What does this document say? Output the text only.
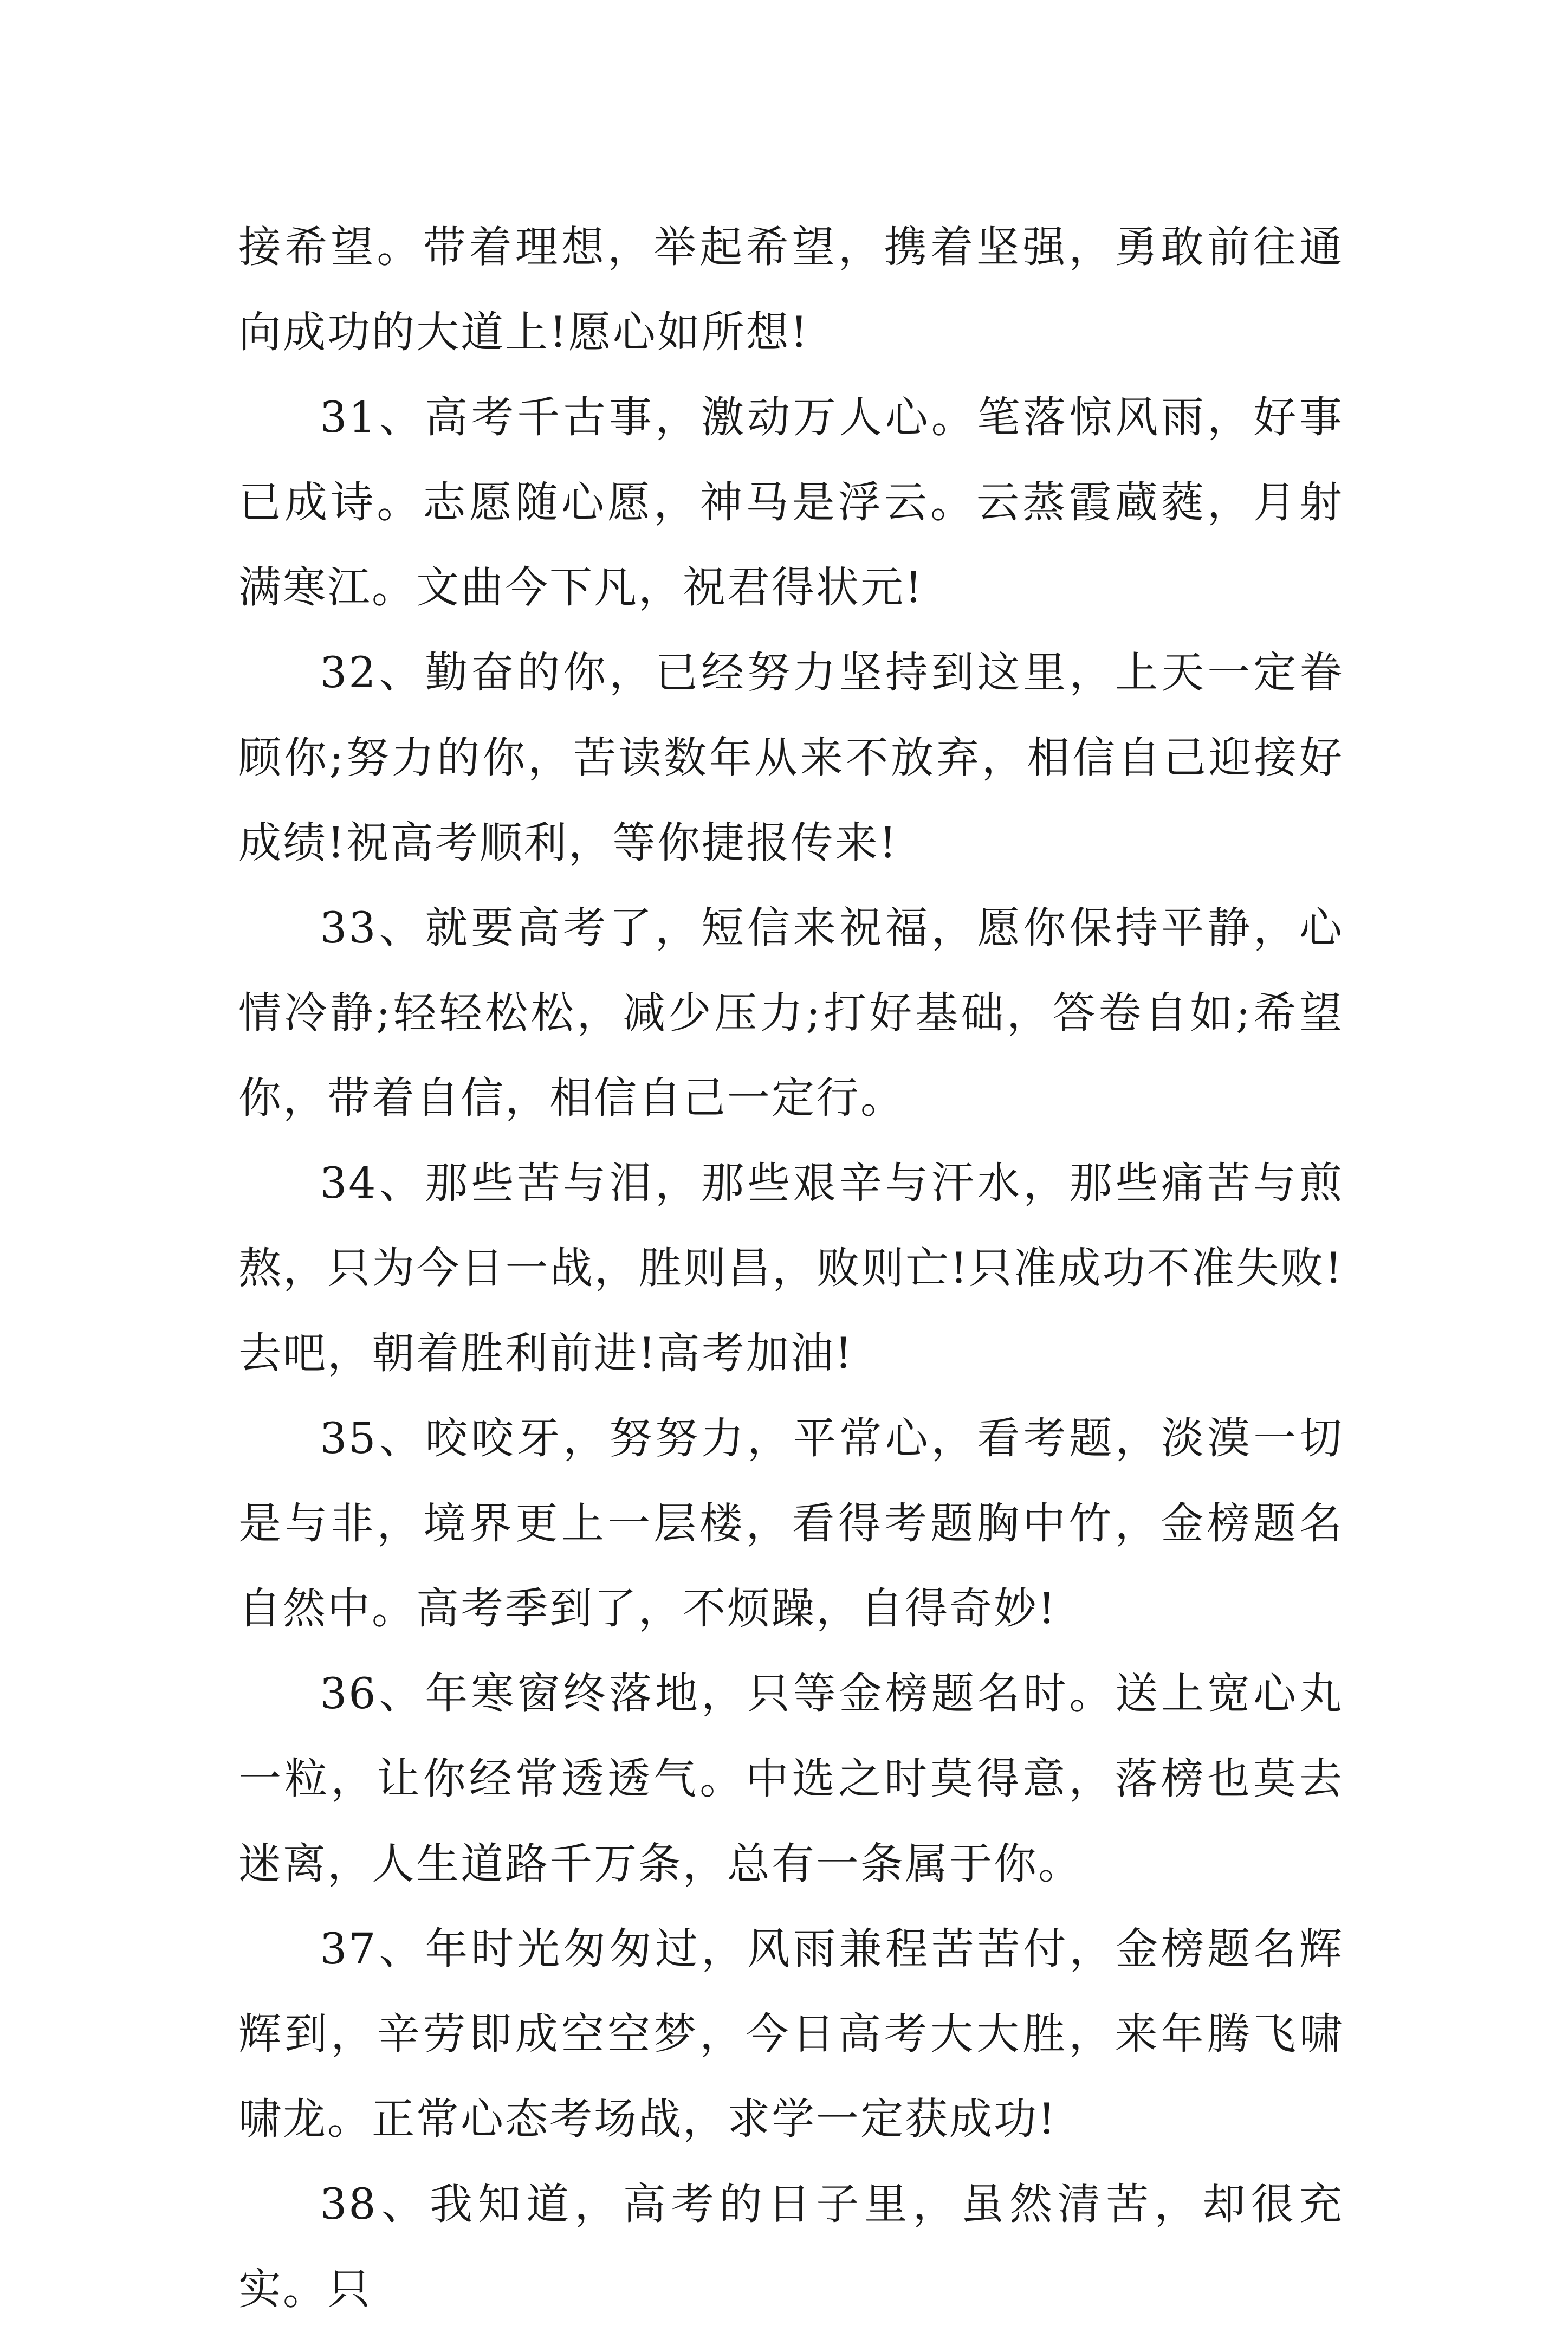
接希望。带着理想，举起希望，携着坚强，勇敢前往通向成功的大道上!愿心如所想!

31、高考千古事，激动万人心。笔落惊风雨，好事已成诗。志愿随心愿，神马是浮云。云蒸霞蔵蕤，月射满寒江。文曲今下凡，祝君得状元!

32、勤奋的你，已经努力坚持到这里，上天一定眷顾你;努力的你，苦读数年从来不放弃，相信自己迎接好成绩!祝高考顺利，等你捷报传来!

33、就要高考了，短信来祝福，愿你保持平静，心情冷静;轻轻松松，减少压力;打好基础，答卷自如;希望你，带着自信，相信自己一定行。

34、那些苦与泪，那些艰辛与汗水，那些痛苦与煎熬，只为今日一战，胜则昌，败则亡!只准成功不准失败!去吧，朝着胜利前进!高考加油!

35、咬咬牙，努努力，平常心，看考题，淡漠一切是与非，境界更上一层楼，看得考题胸中竹，金榜题名自然中。高考季到了，不烦躁，自得奇妙!

36、年寒窗终落地，只等金榜题名时。送上宽心丸一粒，让你经常透透气。中选之时莫得意，落榜也莫去迷离，人生道路千万条，总有一条属于你。

37、年时光匆匆过，风雨兼程苦苦付，金榜题名辉辉到，辛劳即成空空梦，今日高考大大胜，来年腾飞啸啸龙。正常心态考场战，求学一定获成功!

38、我知道，高考的日子里，虽然清苦，却很充实。只
